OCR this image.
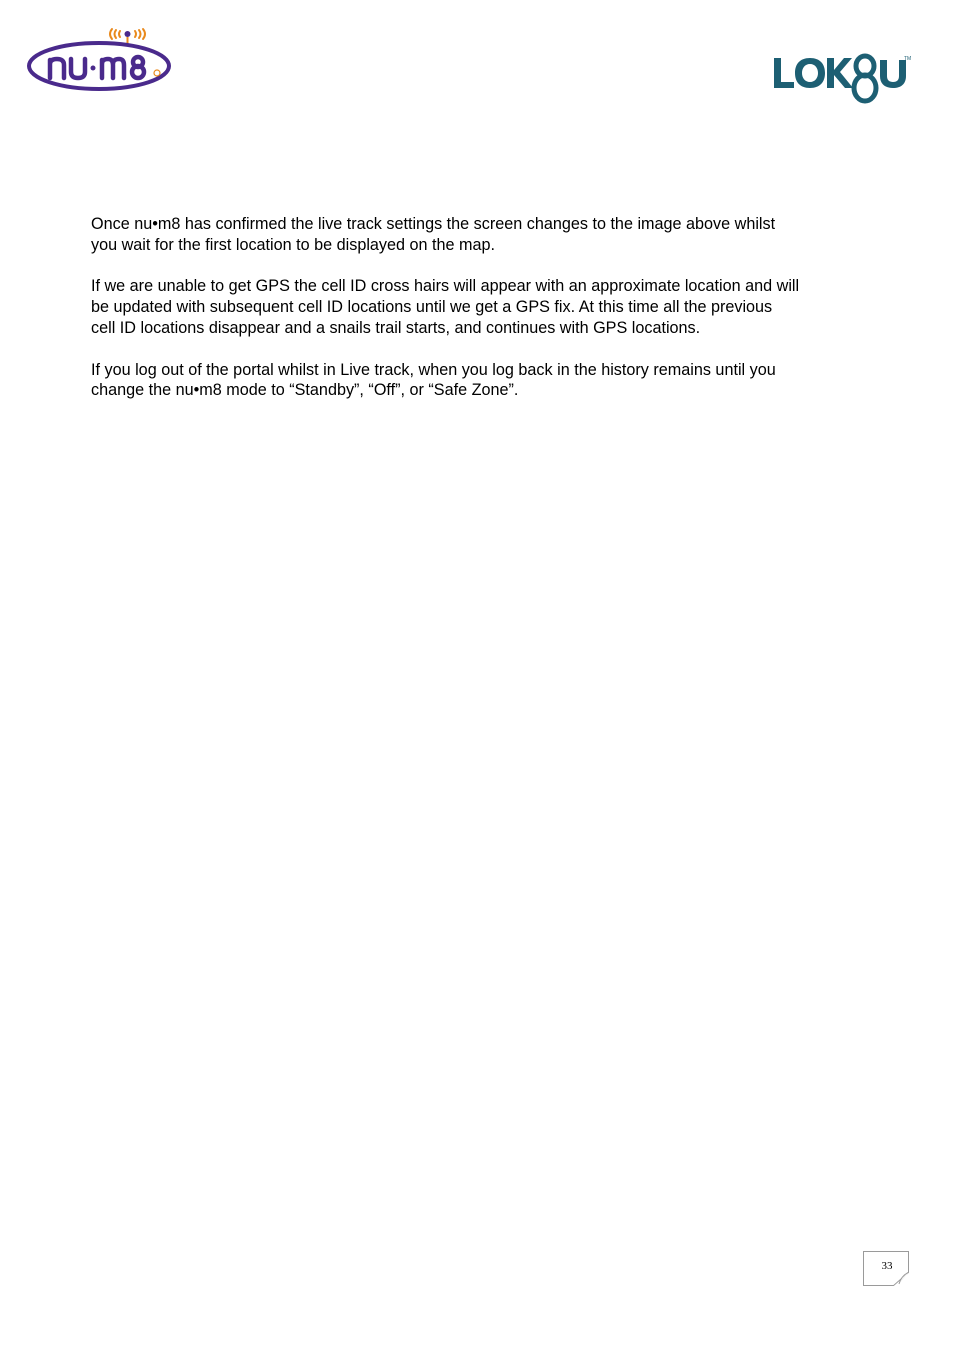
TM

Once nu•m8 has confirmed the live track settings the screen changes to the image above whilst
you wait for the first location to be displayed on the map.

If we are unable to get GPS the cell ID cross hairs will appear with an approximate location and will
be updated with subsequent cell ID locations until we get a GPS fix. At this time all the previous
cell ID locations disappear and a snails trail starts, and continues with GPS locations.

If you log out of the portal whilst in Live track, when you log back in the history remains until you
change the nu•m8 mode to “Standby”, “Off”, or “Safe Zone”.

33
